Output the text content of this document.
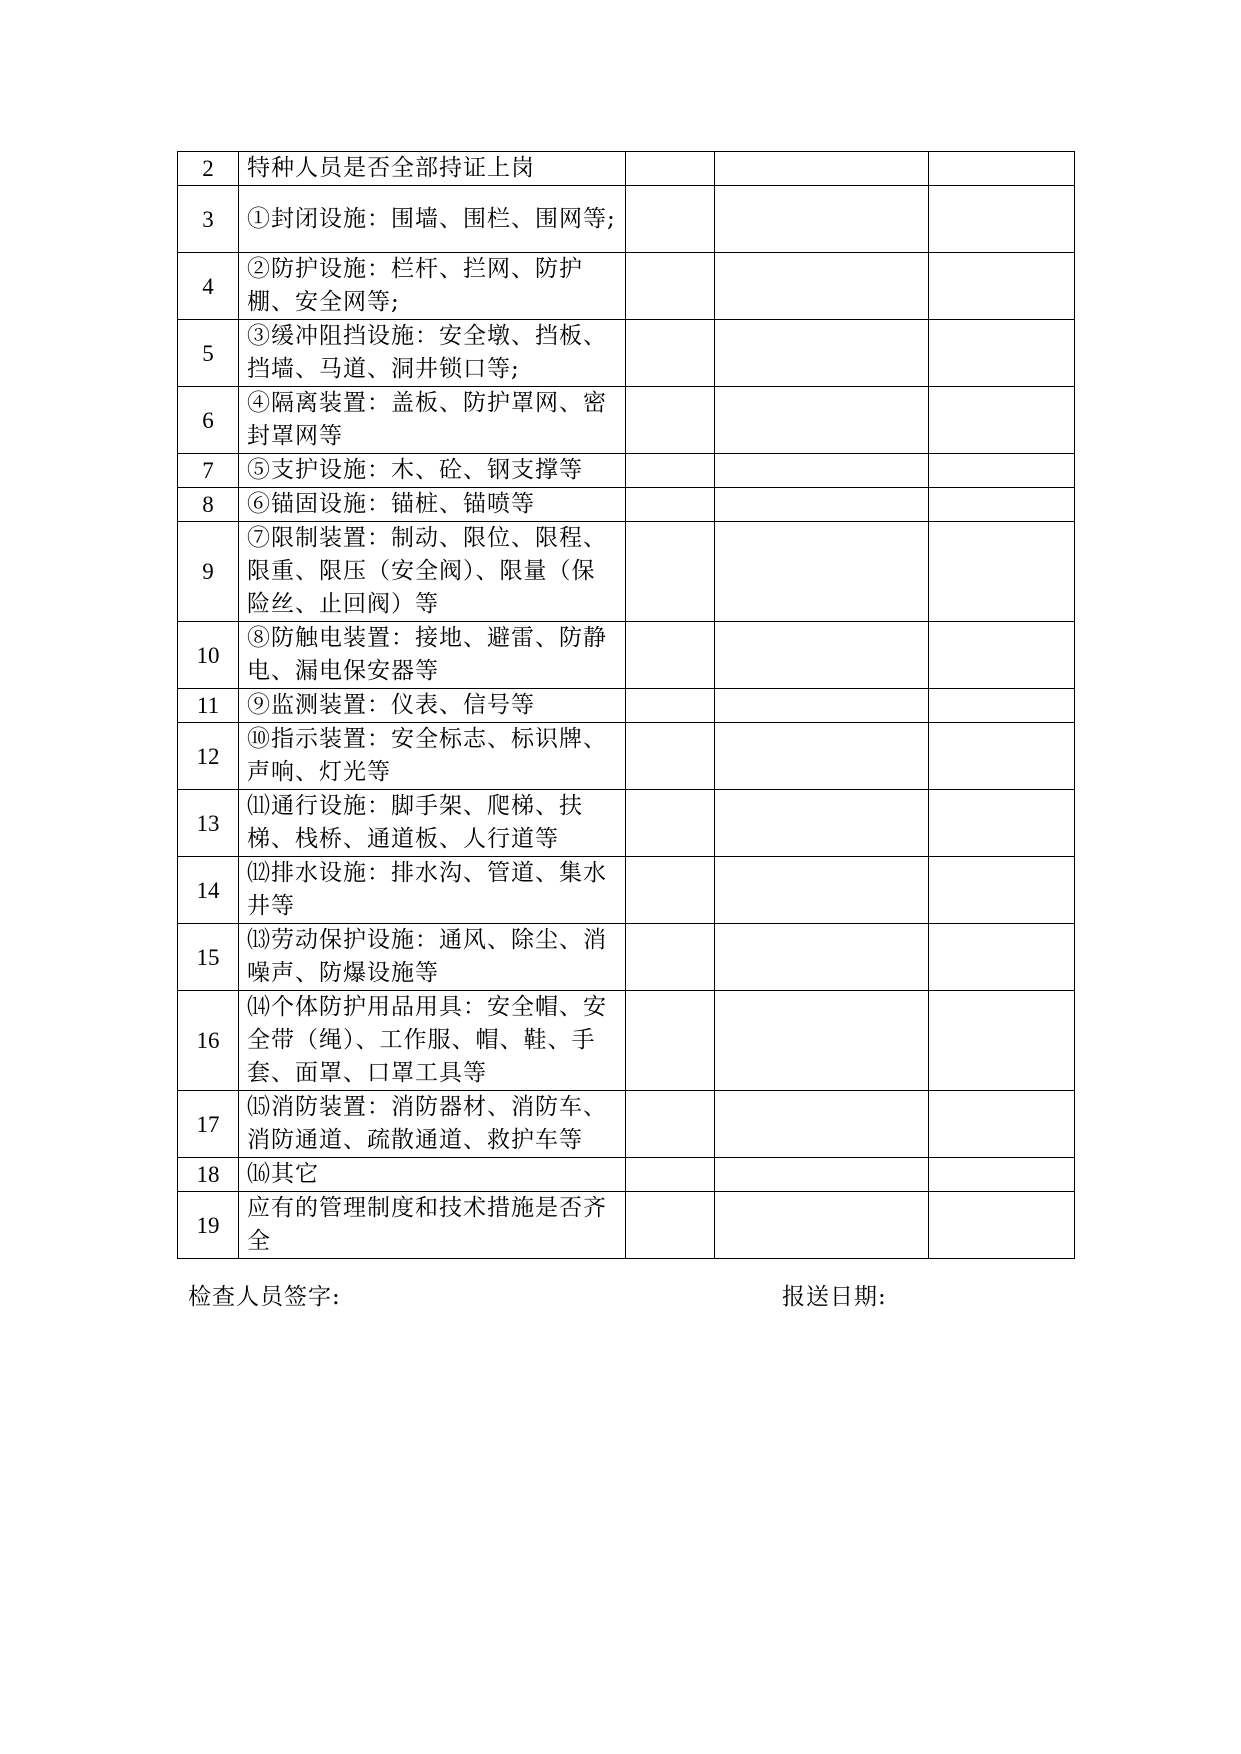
2	特种人员是否全部持证上岗			
3	①封闭设施：围墙、围栏、围网等;			
4	②防护设施：栏杆、拦网、防护棚、安全网等;			
5	③缓冲阻挡设施：安全墩、挡板、挡墙、马道、洞井锁口等;			
6	④隔离装置：盖板、防护罩网、密封罩网等			
7	⑤支护设施：木、砼、钢支撑等			
8	⑥锚固设施：锚桩、锚喷等			
9	⑦限制装置：制动、限位、限程、限重、限压（安全阀）、限量（保险丝、止回阀）等			
10	⑧防触电装置：接地、避雷、防静电、漏电保安器等			
11	⑨监测装置：仪表、信号等			
12	⑩指示装置：安全标志、标识牌、声响、灯光等			
13	⑾通行设施：脚手架、爬梯、扶梯、栈桥、通道板、人行道等			
14	⑿排水设施：排水沟、管道、集水井等			
15	⒀劳动保护设施：通风、除尘、消噪声、防爆设施等			
16	⒁个体防护用品用具：安全帽、安全带（绳）、工作服、帽、鞋、手套、面罩、口罩工具等			
17	⒂消防装置：消防器材、消防车、消防通道、疏散通道、救护车等			
18	⒃其它			
19	应有的管理制度和技术措施是否齐全			
检查人员签字:	报送日期:
